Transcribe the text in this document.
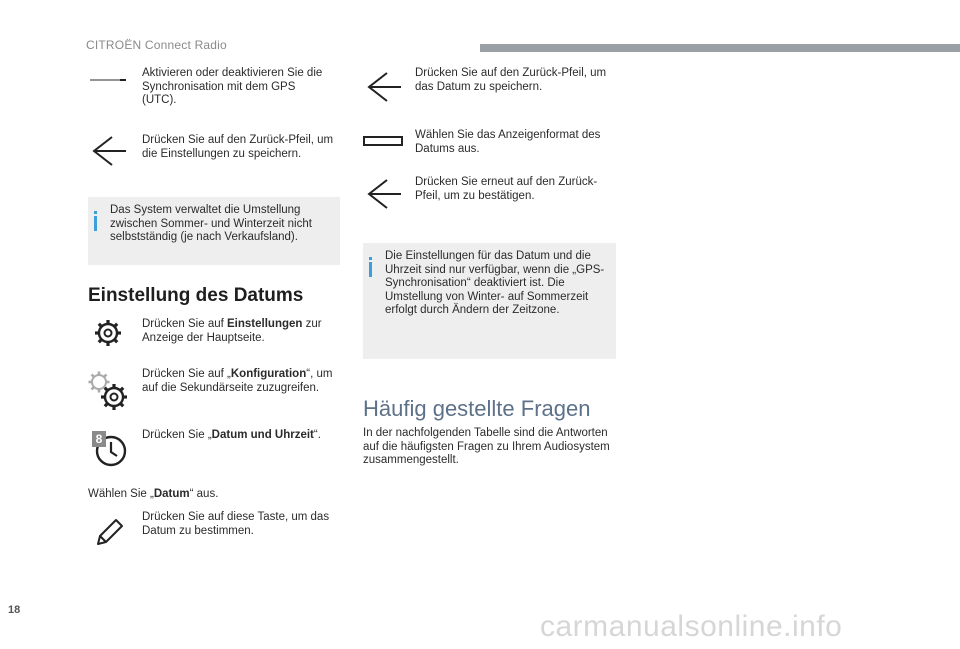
CITROËN Connect Radio
Aktivieren oder deaktivieren Sie die Synchronisation mit dem GPS (UTC).
Drücken Sie auf den Zurück-Pfeil, um die Einstellungen zu speichern.
Das System verwaltet die Umstellung zwischen Sommer- und Winterzeit nicht selbstständig (je nach Verkaufsland).
Einstellung des Datums
Drücken Sie auf Einstellungen zur Anzeige der Hauptseite.
Drücken Sie auf „Konfiguration“, um auf die Sekundärseite zuzugreifen.
8	Drücken Sie „Datum und Uhrzeit“.
Wählen Sie „Datum“ aus.
Drücken Sie auf diese Taste, um das Datum zu bestimmen.
Drücken Sie auf den Zurück-Pfeil, um das Datum zu speichern.
Wählen Sie das Anzeigenformat des Datums aus.
Drücken Sie erneut auf den Zurück-Pfeil, um zu bestätigen.
Die Einstellungen für das Datum und die Uhrzeit sind nur verfügbar, wenn die „GPS-Synchronisation“ deaktiviert ist. Die Umstellung von Winter- auf Sommerzeit erfolgt durch Ändern der Zeitzone.
Häufig gestellte Fragen
In der nachfolgenden Tabelle sind die Antworten auf die häufigsten Fragen zu Ihrem Audiosystem zusammengestellt.
18	carmanualsonline.info
